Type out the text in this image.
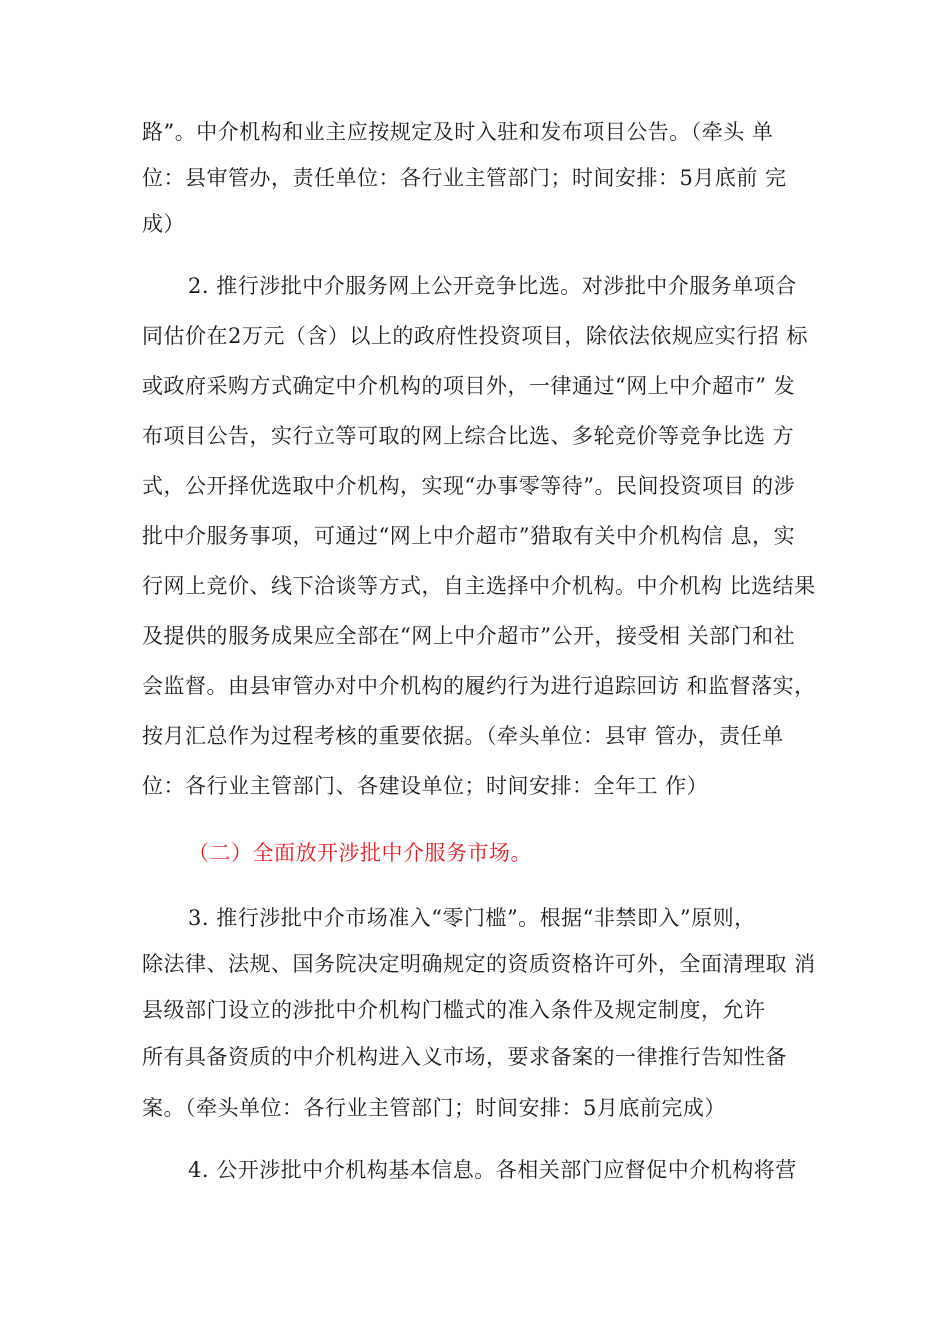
路”。中介机构和业主应按规定及时入驻和发布项目公告。（牵头 单
位：县审管办，责任单位：各行业主管部门；时间安排：5月底前 完
成）
2. 推行涉批中介服务网上公开竞争比选。对涉批中介服务单项合
同估价在2万元（含）以上的政府性投资项目，除依法依规应实行招 标
或政府采购方式确定中介机构的项目外，一律通过“网上中介超市” 发
布项目公告，实行立等可取的网上综合比选、多轮竞价等竞争比选 方
式，公开择优选取中介机构，实现“办事零等待”。民间投资项目 的涉
批中介服务事项，可通过“网上中介超市”猎取有关中介机构信 息，实
行网上竞价、线下洽谈等方式，自主选择中介机构。中介机构 比选结果
及提供的服务成果应全部在“网上中介超市”公开，接受相 关部门和社
会监督。由县审管办对中介机构的履约行为进行追踪回访 和监督落实，
按月汇总作为过程考核的重要依据。（牵头单位：县审 管办，责任单
位：各行业主管部门、各建设单位；时间安排：全年工 作）
（二）全面放开涉批中介服务市场。
3. 推行涉批中介市场准入“零门槛”。根据“非禁即入”原则，
除法律、法规、国务院决定明确规定的资质资格许可外，全面清理取 消
县级部门设立的涉批中介机构门槛式的准入条件及规定制度，允许
所有具备资质的中介机构进入义市场，要求备案的一律推行告知性备
案。（牵头单位：各行业主管部门；时间安排：5月底前完成）
4. 公开涉批中介机构基本信息。各相关部门应督促中介机构将营
